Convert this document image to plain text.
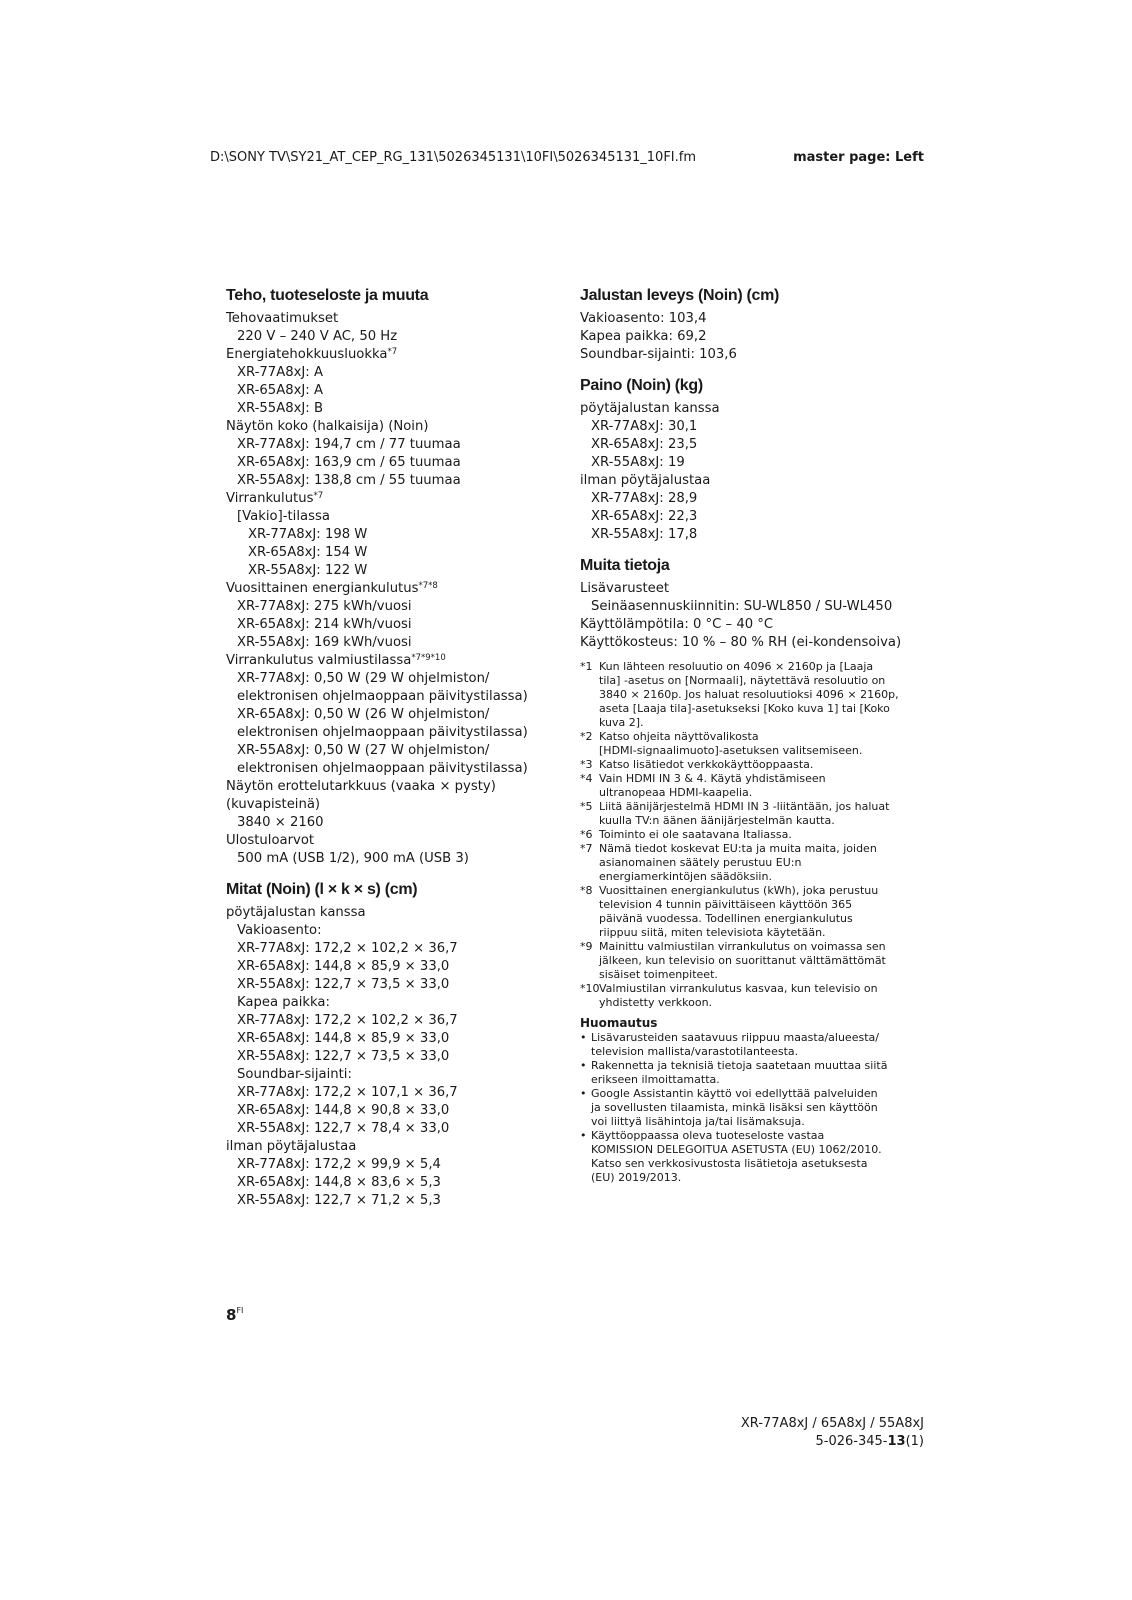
D:\SONY TV\SY21_AT_CEP_RG_131\5026345131\10FI\5026345131_10FI.fm	master page: Left
Teho, tuoteseloste ja muuta
Tehovaatimukset
220 V – 240 V AC, 50 Hz
Energiatehokkuusluokka$^{*7}$
XR-77A8xJ: A
XR-65A8xJ: A
XR-55A8xJ: B
Näytön koko (halkaisija) (Noin)
XR-77A8xJ: 194,7 cm / 77 tuumaa
XR-65A8xJ: 163,9 cm / 65 tuumaa
XR-55A8xJ: 138,8 cm / 55 tuumaa
Virrankulutus$^{*7}$
[Vakio]-tilassa
XR-77A8xJ: 198 W
XR-65A8xJ: 154 W
XR-55A8xJ: 122 W
Vuosittainen energiankulutus$^{*7*8}$
XR-77A8xJ: 275 kWh/vuosi
XR-65A8xJ: 214 kWh/vuosi
XR-55A8xJ: 169 kWh/vuosi
Virrankulutus valmiustilassa$^{*7*9*10}$
XR-77A8xJ: 0,50 W (29 W ohjelmiston/
elektronisen ohjelmaoppaan päivitystilassa)
XR-65A8xJ: 0,50 W (26 W ohjelmiston/
elektronisen ohjelmaoppaan päivitystilassa)
XR-55A8xJ: 0,50 W (27 W ohjelmiston/
elektronisen ohjelmaoppaan päivitystilassa)
Näytön erottelutarkkuus (vaaka × pysty)
(kuvapisteinä)
3840 × 2160
Ulostuloarvot
500 mA (USB 1/2), 900 mA (USB 3)
Mitat (Noin) (l × k × s) (cm)
pöytäjalustan kanssa
Vakioasento:
XR-77A8xJ: 172,2 × 102,2 × 36,7
XR-65A8xJ: 144,8 × 85,9 × 33,0
XR-55A8xJ: 122,7 × 73,5 × 33,0
Kapea paikka:
XR-77A8xJ: 172,2 × 102,2 × 36,7
XR-65A8xJ: 144,8 × 85,9 × 33,0
XR-55A8xJ: 122,7 × 73,5 × 33,0
Soundbar-sijainti:
XR-77A8xJ: 172,2 × 107,1 × 36,7
XR-65A8xJ: 144,8 × 90,8 × 33,0
XR-55A8xJ: 122,7 × 78,4 × 33,0
ilman pöytäjalustaa
XR-77A8xJ: 172,2 × 99,9 × 5,4
XR-65A8xJ: 144,8 × 83,6 × 5,3
XR-55A8xJ: 122,7 × 71,2 × 5,3
Jalustan leveys (Noin) (cm)
Vakioasento: 103,4
Kapea paikka: 69,2
Soundbar-sijainti: 103,6
Paino (Noin) (kg)
pöytäjalustan kanssa
XR-77A8xJ: 30,1
XR-65A8xJ: 23,5
XR-55A8xJ: 19
ilman pöytäjalustaa
XR-77A8xJ: 28,9
XR-65A8xJ: 22,3
XR-55A8xJ: 17,8
Muita tietoja
Lisävarusteet
Seinäasennuskiinnitin: SU-WL850 / SU-WL450
Käyttölämpötila: 0 °C – 40 °C
Käyttökosteus: 10 % – 80 % RH (ei-kondensoiva)
*1 Kun lähteen resoluutio on 4096 × 2160p ja [Laaja
tila] -asetus on [Normaali], näytettävä resoluutio on
3840 × 2160p. Jos haluat resoluutioksi 4096 × 2160p,
aseta [Laaja tila]-asetukseksi [Koko kuva 1] tai [Koko
kuva 2].
*2 Katso ohjeita näyttövalikosta
[HDMI-signaalimuoto]-asetuksen valitsemiseen.
*3 Katso lisätiedot verkkokäyttöoppaasta.
*4 Vain HDMI IN 3 & 4. Käytä yhdistämiseen
ultranopeaa HDMI-kaapelia.
*5 Liitä äänijärjestelmä HDMI IN 3 -liitäntään, jos haluat
kuulla TV:n äänen äänijärjestelmän kautta.
*6 Toiminto ei ole saatavana Italiassa.
*7 Nämä tiedot koskevat EU:ta ja muita maita, joiden
asianomainen säätely perustuu EU:n
energiamerkintöjen säädöksiin.
*8 Vuosittainen energiankulutus (kWh), joka perustuu
television 4 tunnin päivittäiseen käyttöön 365
päivänä vuodessa. Todellinen energiankulutus
riippuu siitä, miten televisiota käytetään.
*9 Mainittu valmiustilan virrankulutus on voimassa sen
jälkeen, kun televisio on suorittanut välttämättömät
sisäiset toimenpiteet.
*10 Valmiustilan virrankulutus kasvaa, kun televisio on
yhdistetty verkkoon.
Huomautus
• Lisävarusteiden saatavuus riippuu maasta/alueesta/
television mallista/varastotilanteesta.
• Rakennetta ja teknisiä tietoja saatetaan muuttaa siitä
erikseen ilmoittamatta.
• Google Assistantin käyttö voi edellyttää palveluiden
ja sovellusten tilaamista, minkä lisäksi sen käyttöön
voi liittyä lisähintoja ja/tai lisämaksuja.
• Käyttöoppaassa oleva tuoteseloste vastaa
KOMISSION DELEGOITUA ASETUSTA (EU) 1062/2010.
Katso sen verkkosivustosta lisätietoja asetuksesta
(EU) 2019/2013.
$8^{FI}$
XR-77A8xJ / 65A8xJ / 55A8xJ
5-026-345-13(1)
